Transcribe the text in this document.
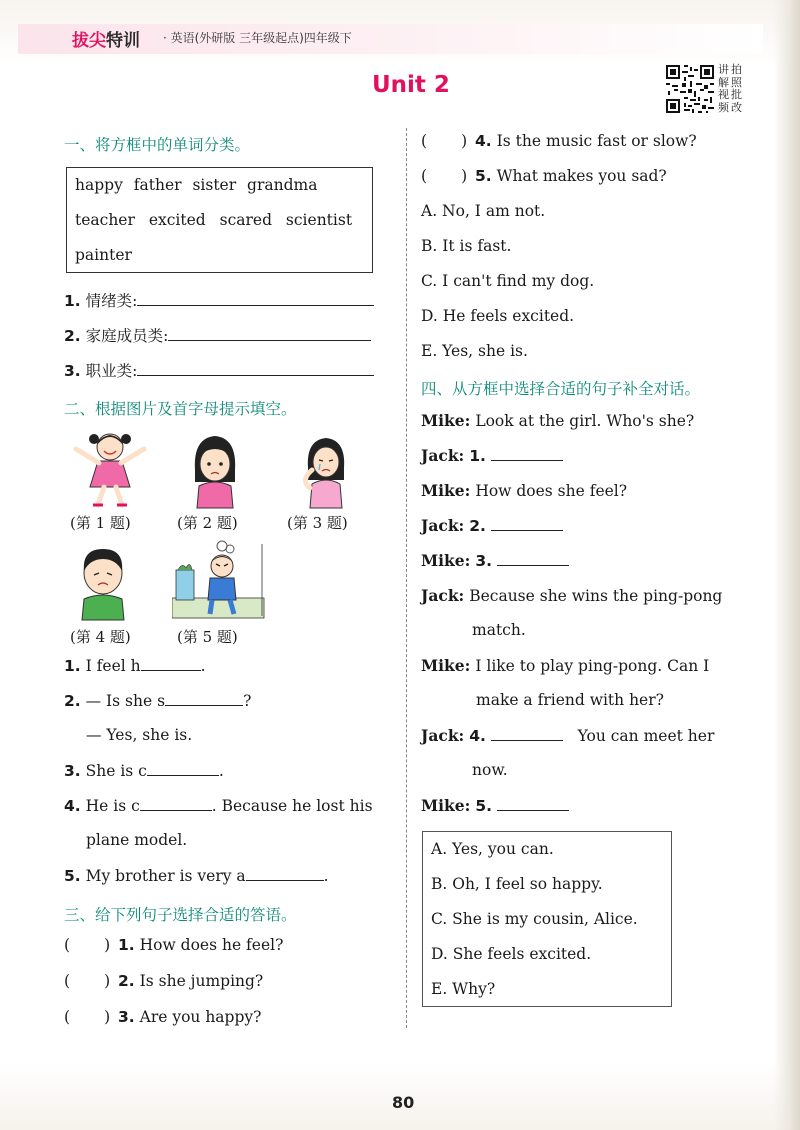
拔尖特训 · 英语(外研版 三年级起点)四年级下
Unit 2
讲 拍
解 照
视 批
频 改
一、将方框中的单词分类。
happy father sister grandma
teacher excited scared scientist
painter
1. 情绪类:
2. 家庭成员类:
3. 职业类:
二、根据图片及首字母提示填空。
(第 1 题)	(第 2 题)	(第 3 题)
(第 4 题)	(第 5 题)
1. I feel h	.
2. — Is she s	?
— Yes, she is.
3. She is c	.
4. He is c	. Because he lost his
plane model.
5. My brother is very a	.
三、给下列句子选择合适的答语。
( ) 1. How does he feel?
( ) 2. Is she jumping?
( ) 3. Are you happy?
( ) 4. Is the music fast or slow?
( ) 5. What makes you sad?
A. No, I am not.
B. It is fast.
C. I can't find my dog.
D. He feels excited.
E. Yes, she is.
四、从方框中选择合适的句子补全对话。
Mike: Look at the girl. Who's she?
Jack: 1.
Mike: How does she feel?
Jack: 2.
Mike: 3.
Jack: Because she wins the ping-pong
match.
Mike: I like to play ping-pong. Can I
make a friend with her?
Jack: 4.	You can meet her
now.
Mike: 5.
A. Yes, you can.
B. Oh, I feel so happy.
C. She is my cousin, Alice.
D. She feels excited.
E. Why?
80
